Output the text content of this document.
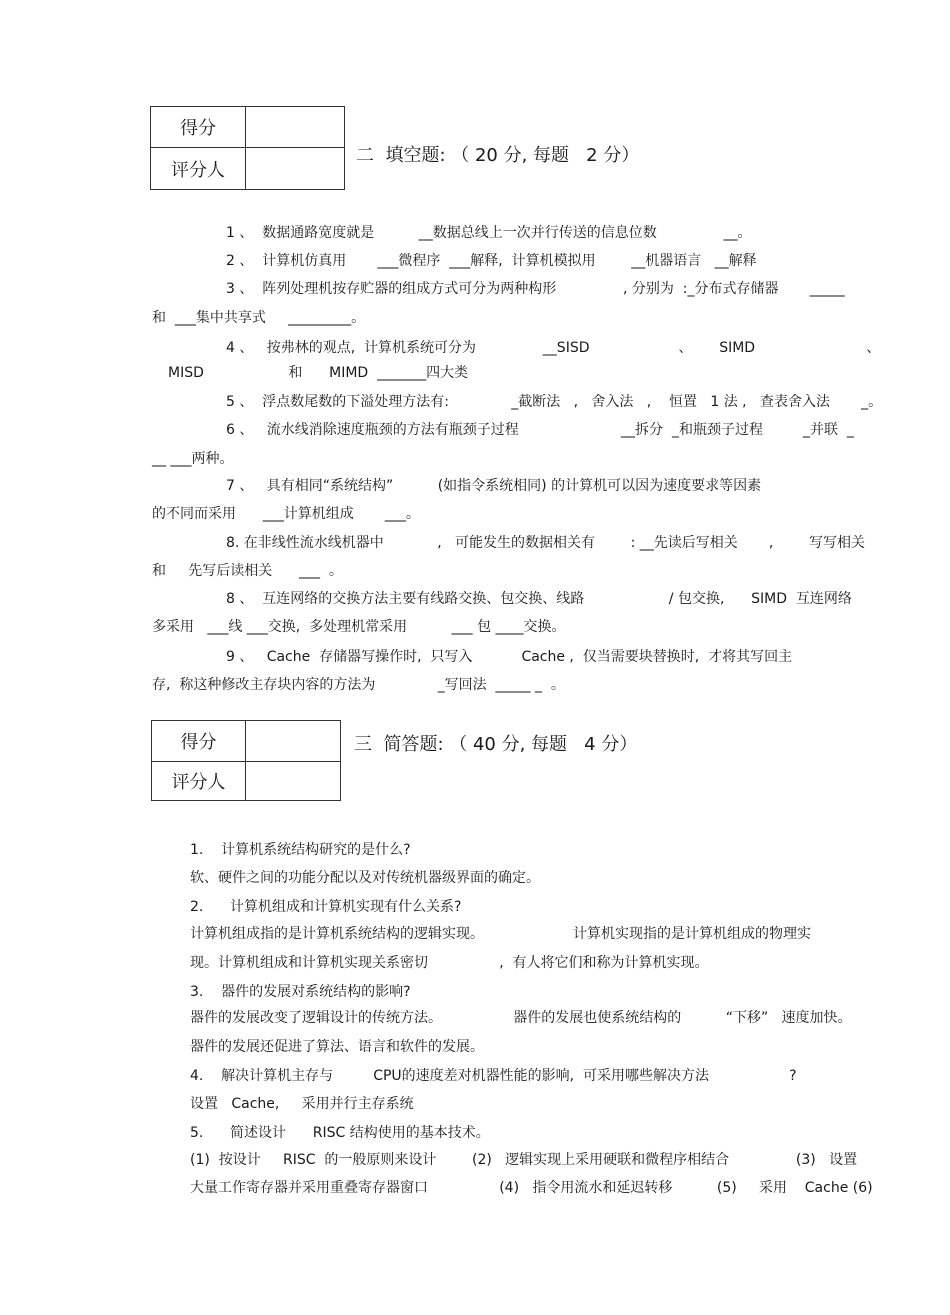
得分	
评分人	
二  填空题: （ 20 分, 每题   2 分）
1 、  数据通路宽度就是          __数据总线上一次并行传送的信息位数               __。
2 、  计算机仿真用       ___微程序  ___解释,  计算机模拟用        __机器语言   __解释
3 、  阵列处理机按存贮器的组成方式可分为两种构形               , 分别为  :_分布式存储器       _____
和  ___集中共享式     _________。
4 、   按弗林的观点,  计算机系统可分为               __SISD                    、      SIMD                         、
MISD                   和      MIMD  _______四大类
5 、  浮点数尾数的下溢处理方法有:              _截断法   ,   舍入法   ,    恒置   1 法 ,   查表舍入法       _。
6 、   流水线消除速度瓶颈的方法有瓶颈子过程                       __拆分  _和瓶颈子过程         _并联  _
__ ___两种。
7 、   具有相同“系统结构”          (如指令系统相同) 的计算机可以因为速度要求等因素
的不同而采用      ___计算机组成       ___。
8. 在非线性流水线机器中            ,   可能发生的数据相关有        : __先读后写相关       ,        写写相关
和     先写后读相关      ___  。
8 、  互连网络的交换方法主要有线路交换、包交换、线路                   / 包交换,      SIMD  互连网络
多采用   ___线 ___交换,  多处理机常采用          ___ 包 ____交换。
9 、   Cache  存储器写操作时,  只写入           Cache ,  仅当需要块替换时,  才将其写回主
存,  称这种修改主存块内容的方法为              _写回法  _____ _  。
得分	
评分人	
三  简答题: （ 40 分, 每题   4 分）
1.    计算机系统结构研究的是什么?
软、硬件之间的功能分配以及对传统机器级界面的确定。
2.      计算机组成和计算机实现有什么关系?
计算机组成指的是计算机系统结构的逻辑实现。                    计算机实现指的是计算机组成的物理实
现。计算机组成和计算机实现关系密切                ,  有人将它们和称为计算机实现。
3.    器件的发展对系统结构的影响?
器件的发展改变了逻辑设计的传统方法。                器件的发展也使系统结构的          “下移”   速度加快。
器件的发展还促进了算法、语言和软件的发展。
4.    解决计算机主存与         CPU的速度差对机器性能的影响,  可采用哪些解决方法                  ?
设置   Cache,     采用并行主存系统
5.      简述设计      RISC 结构使用的基本技术。
(1)  按设计     RISC  的一般原则来设计        (2)   逻辑实现上采用硬联和微程序相结合               (3)   设置
大量工作寄存器并采用重叠寄存器窗口                (4)   指令用流水和延迟转移          (5)     采用    Cache (6)
